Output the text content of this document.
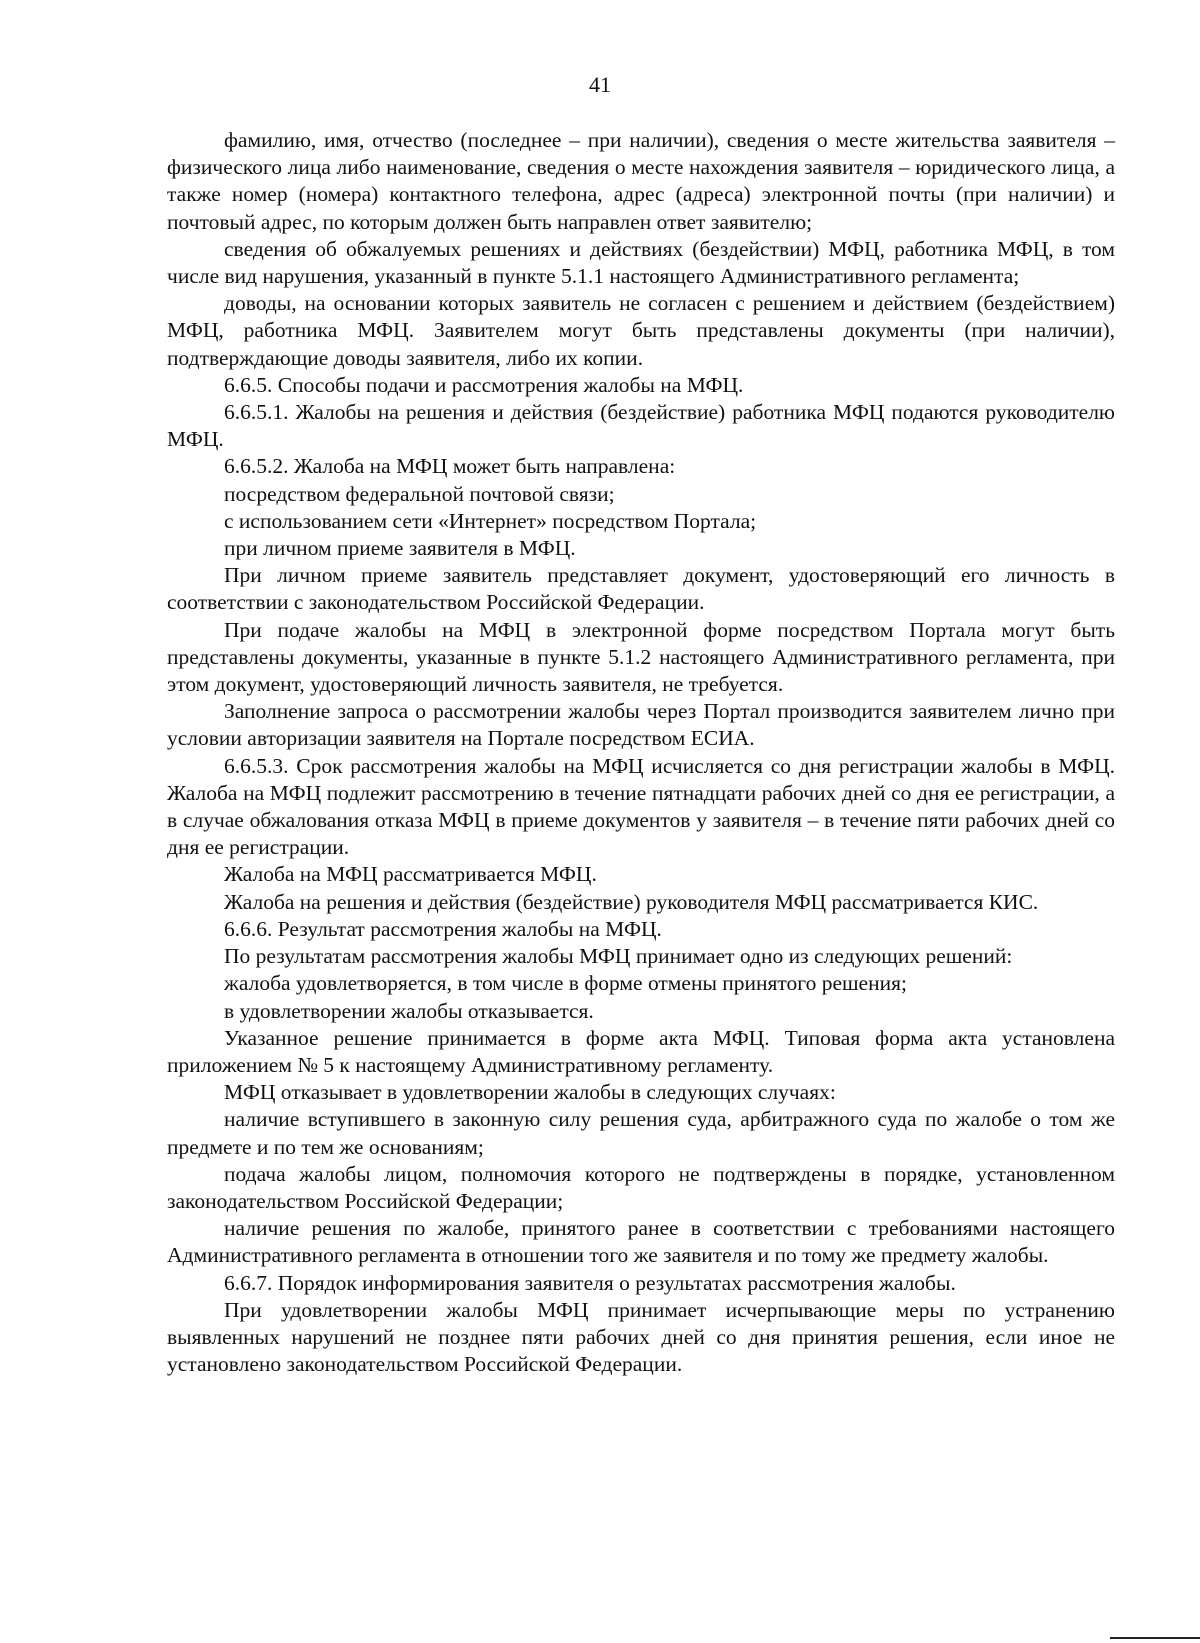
41

фамилию, имя, отчество (последнее – при наличии), сведения о месте жительства заявителя – физического лица либо наименование, сведения о месте нахождения заявителя – юридического лица, а также номер (номера) контактного телефона, адрес (адреса) электронной почты (при наличии) и почтовый адрес, по которым должен быть направлен ответ заявителю;

сведения об обжалуемых решениях и действиях (бездействии) МФЦ, работника МФЦ, в том числе вид нарушения, указанный в пункте 5.1.1 настоящего Административного регламента;

доводы, на основании которых заявитель не согласен с решением и действием (бездействием) МФЦ, работника МФЦ. Заявителем могут быть представлены документы (при наличии), подтверждающие доводы заявителя, либо их копии.

6.6.5. Способы подачи и рассмотрения жалобы на МФЦ.

6.6.5.1. Жалобы на решения и действия (бездействие) работника МФЦ подаются руководителю МФЦ.

6.6.5.2. Жалоба на МФЦ может быть направлена:

посредством федеральной почтовой связи;

с использованием сети «Интернет» посредством Портала;

при личном приеме заявителя в МФЦ.

При личном приеме заявитель представляет документ, удостоверяющий его личность в соответствии с законодательством Российской Федерации.

При подаче жалобы на МФЦ в электронной форме посредством Портала могут быть представлены документы, указанные в пункте 5.1.2 настоящего Административного регламента, при этом документ, удостоверяющий личность заявителя, не требуется.

Заполнение запроса о рассмотрении жалобы через Портал производится заявителем лично при условии авторизации заявителя на Портале посредством ЕСИА.

6.6.5.3. Срок рассмотрения жалобы на МФЦ исчисляется со дня регистрации жалобы в МФЦ. Жалоба на МФЦ подлежит рассмотрению в течение пятнадцати рабочих дней со дня ее регистрации, а в случае обжалования отказа МФЦ в приеме документов у заявителя – в течение пяти рабочих дней со дня ее регистрации.

Жалоба на МФЦ рассматривается МФЦ.

Жалоба на решения и действия (бездействие) руководителя МФЦ рассматривается КИС.

6.6.6. Результат рассмотрения жалобы на МФЦ.

По результатам рассмотрения жалобы МФЦ принимает одно из следующих решений:

жалоба удовлетворяется, в том числе в форме отмены принятого решения;

в удовлетворении жалобы отказывается.

Указанное решение принимается в форме акта МФЦ. Типовая форма акта установлена приложением № 5 к настоящему Административному регламенту.

МФЦ отказывает в удовлетворении жалобы в следующих случаях:

наличие вступившего в законную силу решения суда, арбитражного суда по жалобе о том же предмете и по тем же основаниям;

подача жалобы лицом, полномочия которого не подтверждены в порядке, установленном законодательством Российской Федерации;

наличие решения по жалобе, принятого ранее в соответствии с требованиями настоящего Административного регламента в отношении того же заявителя и по тому же предмету жалобы.

6.6.7. Порядок информирования заявителя о результатах рассмотрения жалобы.

При удовлетворении жалобы МФЦ принимает исчерпывающие меры по устранению выявленных нарушений не позднее пяти рабочих дней со дня принятия решения, если иное не установлено законодательством Российской Федерации.
